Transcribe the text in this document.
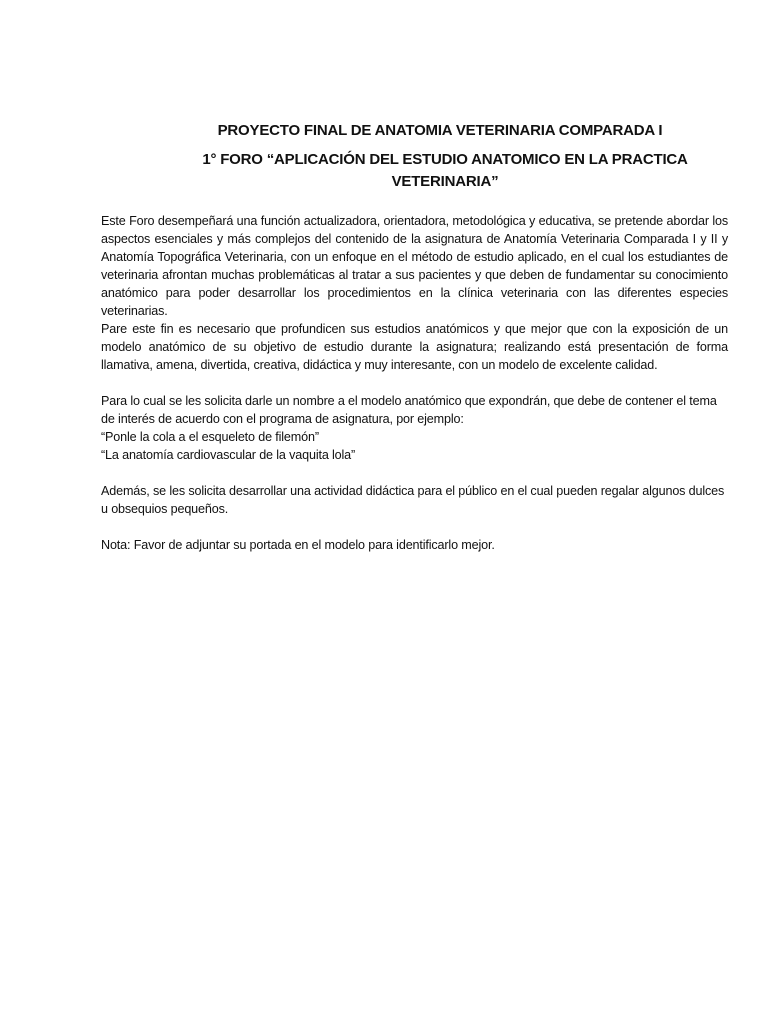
PROYECTO FINAL DE ANATOMIA VETERINARIA COMPARADA I
1° FORO “APLICACIÓN DEL ESTUDIO ANATOMICO EN LA PRACTICA VETERINARIA”

Este Foro desempeñará una función actualizadora, orientadora, metodológica y educativa, se pretende abordar los aspectos esenciales y más complejos del contenido de la asignatura de Anatomía Veterinaria Comparada I y II y Anatomía Topográfica Veterinaria, con un enfoque en el método de estudio aplicado, en el cual los estudiantes de veterinaria afrontan muchas problemáticas al tratar a sus pacientes y que deben de fundamentar su conocimiento anatómico para poder desarrollar los procedimientos en la clínica veterinaria con las diferentes especies veterinarias.

Pare este fin es necesario que profundicen sus estudios anatómicos y que mejor que con la exposición de un modelo anatómico de su objetivo de estudio durante la asignatura; realizando está presentación de forma llamativa, amena, divertida, creativa, didáctica y muy interesante, con un modelo de excelente calidad.

Para lo cual se les solicita darle un nombre a el modelo anatómico que expondrán, que debe de contener el tema de interés de acuerdo con el programa de asignatura, por ejemplo:

“Ponle la cola a el esqueleto de filemón”

“La anatomía cardiovascular de la vaquita lola”

Además, se les solicita desarrollar una actividad didáctica para el público en el cual pueden regalar algunos dulces u obsequios pequeños.

Nota: Favor de adjuntar su portada en el modelo para identificarlo mejor.
